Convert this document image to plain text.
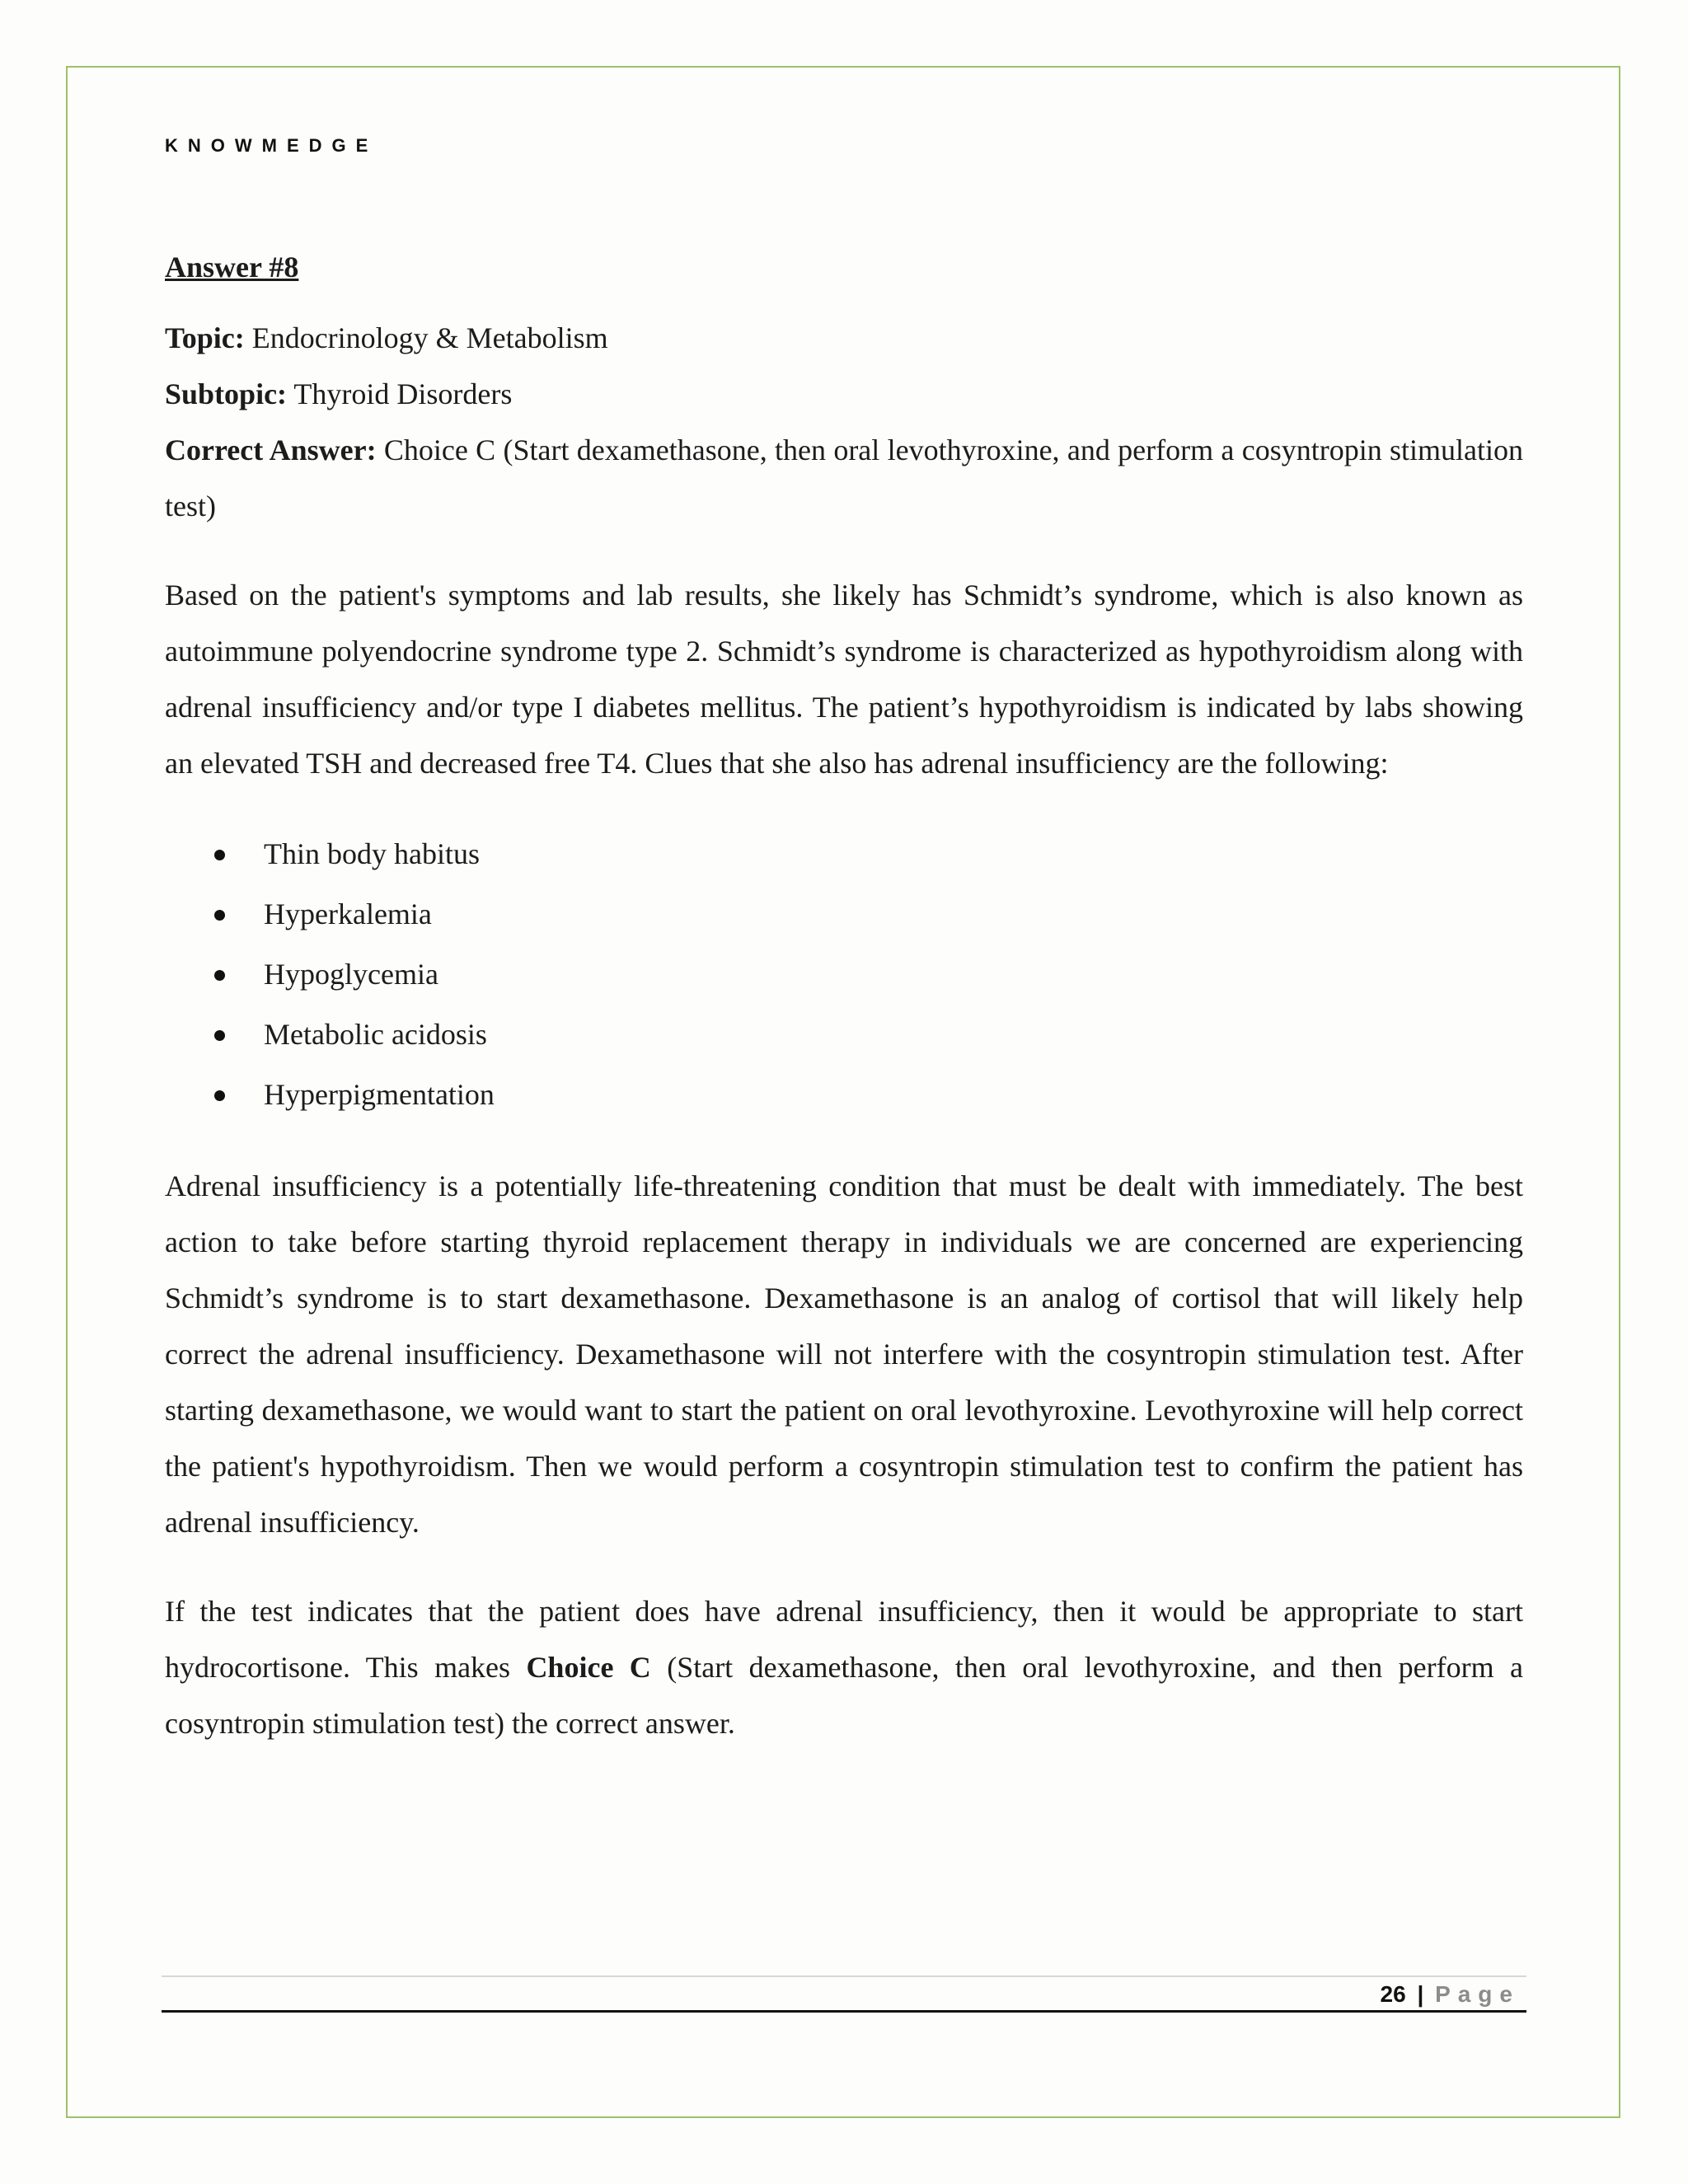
KNOWMEDGE

Answer #8

Topic: Endocrinology & Metabolism

Subtopic: Thyroid Disorders

Correct Answer: Choice C (Start dexamethasone, then oral levothyroxine, and perform a cosyntropin stimulation test)

Based on the patient's symptoms and lab results, she likely has Schmidt’s syndrome, which is also known as autoimmune polyendocrine syndrome type 2. Schmidt’s syndrome is characterized as hypothyroidism along with adrenal insufficiency and/or type I diabetes mellitus. The patient’s hypothyroidism is indicated by labs showing an elevated TSH and decreased free T4. Clues that she also has adrenal insufficiency are the following:

Thin body habitus
Hyperkalemia
Hypoglycemia
Metabolic acidosis
Hyperpigmentation

Adrenal insufficiency is a potentially life-threatening condition that must be dealt with immediately. The best action to take before starting thyroid replacement therapy in individuals we are concerned are experiencing Schmidt’s syndrome is to start dexamethasone. Dexamethasone is an analog of cortisol that will likely help correct the adrenal insufficiency. Dexamethasone will not interfere with the cosyntropin stimulation test. After starting dexamethasone, we would want to start the patient on oral levothyroxine. Levothyroxine will help correct the patient's hypothyroidism. Then we would perform a cosyntropin stimulation test to confirm the patient has adrenal insufficiency.

If the test indicates that the patient does have adrenal insufficiency, then it would be appropriate to start hydrocortisone. This makes Choice C (Start dexamethasone, then oral levothyroxine, and then perform a cosyntropin stimulation test) the correct answer.

26 | Page
